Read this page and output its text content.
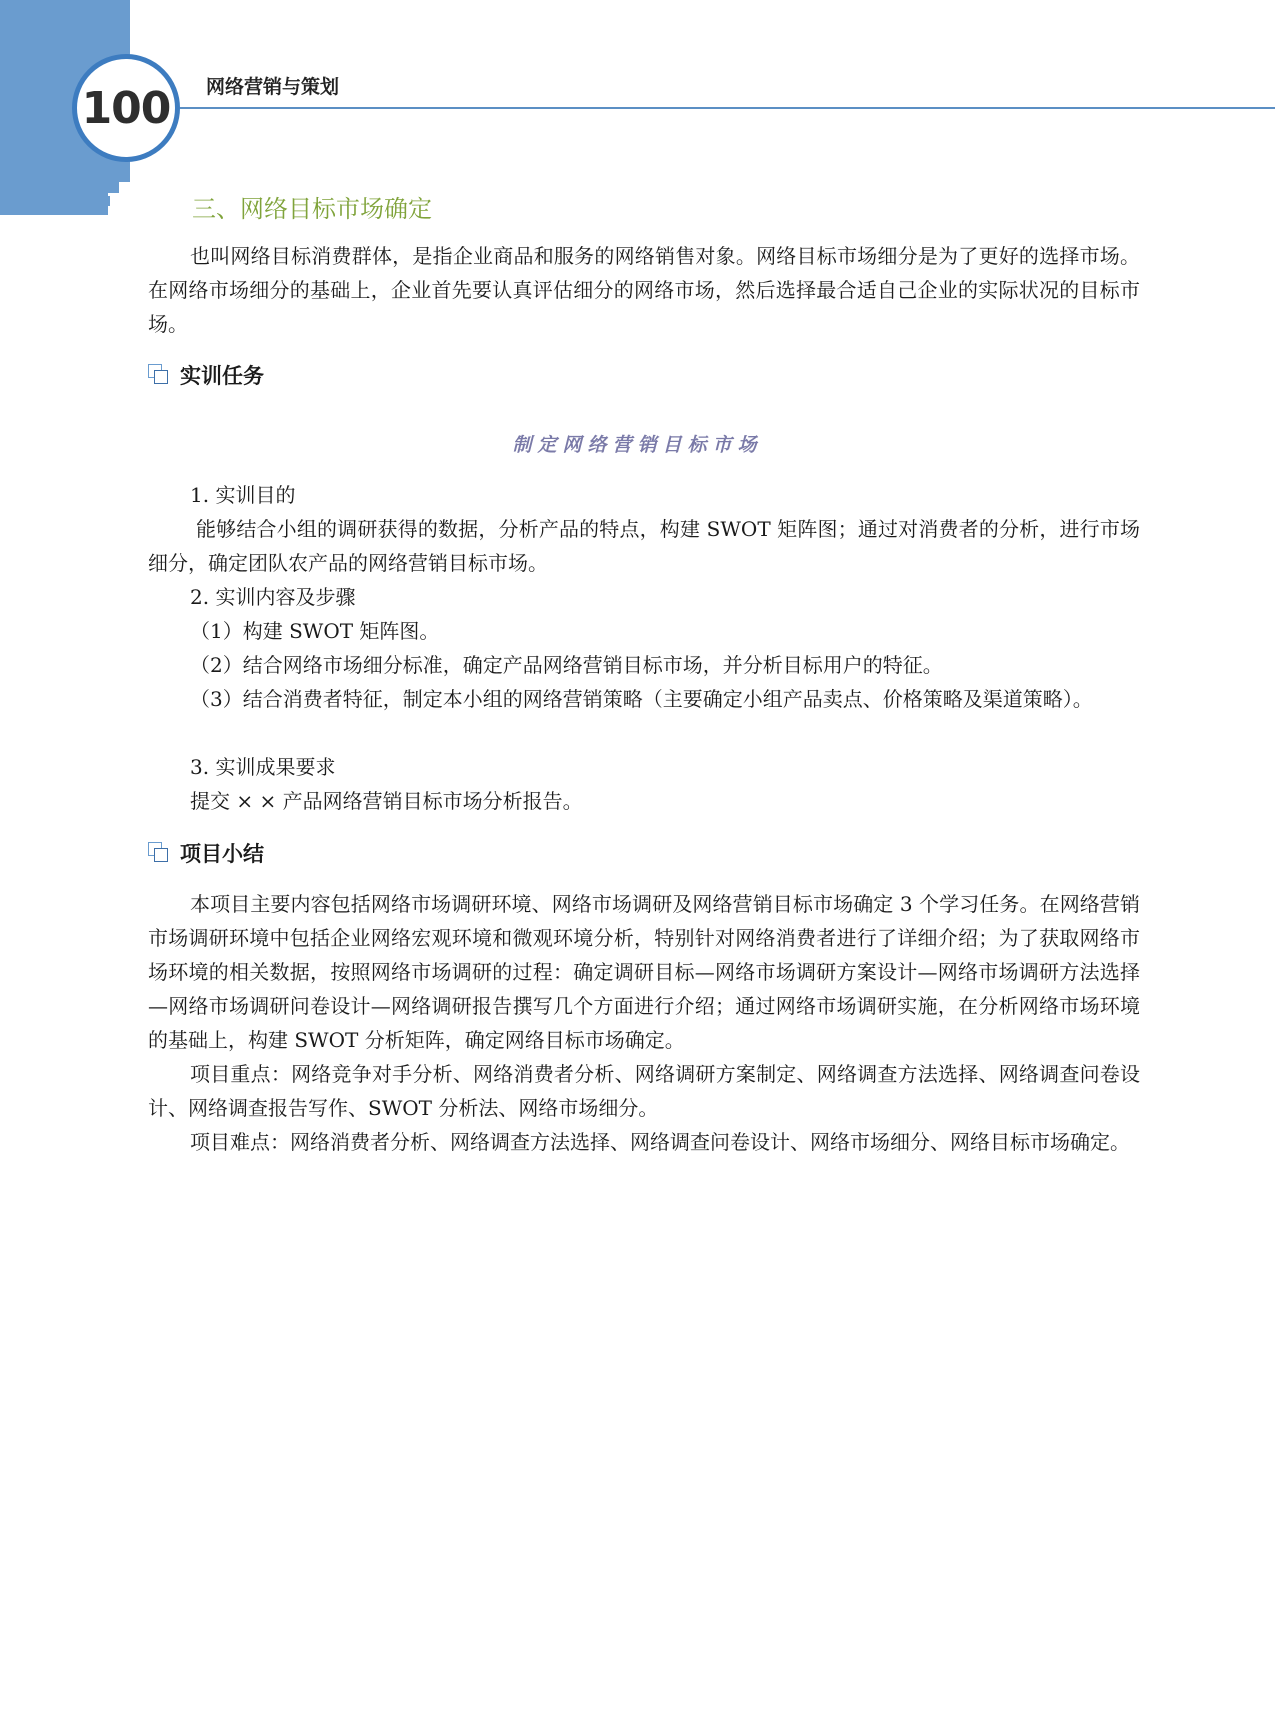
100 网络营销与策划
三、网络目标市场确定
也叫网络目标消费群体，是指企业商品和服务的网络销售对象。网络目标市场细分是为了更好的选择市场。在网络市场细分的基础上，企业首先要认真评估细分的网络市场，然后选择最合适自己企业的实际状况的目标市场。
实训任务
制定网络营销目标市场
1. 实训目的
能够结合小组的调研获得的数据，分析产品的特点，构建 SWOT 矩阵图；通过对消费者的分析，进行市场细分，确定团队农产品的网络营销目标市场。
2. 实训内容及步骤
（1）构建 SWOT 矩阵图。
（2）结合网络市场细分标准，确定产品网络营销目标市场，并分析目标用户的特征。
（3）结合消费者特征，制定本小组的网络营销策略（主要确定小组产品卖点、价格策略及渠道策略）。
3. 实训成果要求
提交 × × 产品网络营销目标市场分析报告。
项目小结
本项目主要内容包括网络市场调研环境、网络市场调研及网络营销目标市场确定 3 个学习任务。在网络营销市场调研环境中包括企业网络宏观环境和微观环境分析，特别针对网络消费者进行了详细介绍；为了获取网络市场环境的相关数据，按照网络市场调研的过程：确定调研目标—网络市场调研方案设计—网络市场调研方法选择—网络市场调研问卷设计—网络调研报告撰写几个方面进行介绍；通过网络市场调研实施，在分析网络市场环境的基础上，构建 SWOT 分析矩阵，确定网络目标市场确定。
项目重点：网络竞争对手分析、网络消费者分析、网络调研方案制定、网络调查方法选择、网络调查问卷设计、网络调查报告写作、SWOT 分析法、网络市场细分。
项目难点：网络消费者分析、网络调查方法选择、网络调查问卷设计、网络市场细分、网络目标市场确定。
